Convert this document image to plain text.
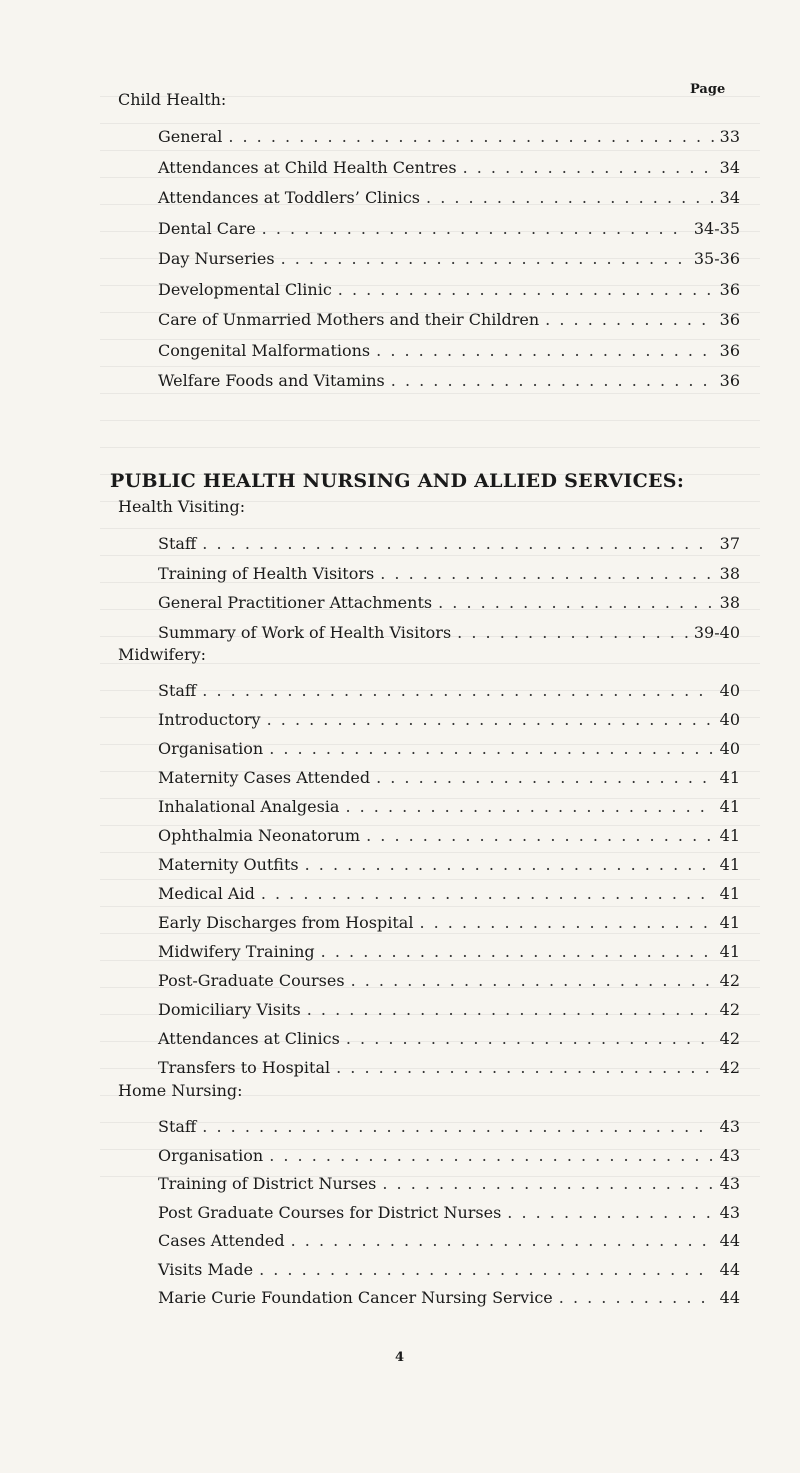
Page
Child Health:
General . . .	33
Attendances at Child Health Centres . . .	34
Attendances at Toddlers’ Clinics . . .	34
Dental Care . . .	34-35
Day Nurseries . . .	35-36
Developmental Clinic . . .	36
Care of Unmarried Mothers and their Children . . .	36
Congenital Malformations . . .	36
Welfare Foods and Vitamins . . .	36
PUBLIC HEALTH NURSING AND ALLIED SERVICES:
Health Visiting:
Staff . . .	37
Training of Health Visitors . . .	38
General Practitioner Attachments . . .	38
Summary of Work of Health Visitors . . .	39-40
Midwifery:
Staff . . .	40
Introductory . . .	40
Organisation . . .	40
Maternity Cases Attended . . .	41
Inhalational Analgesia . . .	41
Ophthalmia Neonatorum . . .	41
Maternity Outfits . . .	41
Medical Aid . . .	41
Early Discharges from Hospital . . .	41
Midwifery Training . . .	41
Post-Graduate Courses . . .	42
Domiciliary Visits . . .	42
Attendances at Clinics . . .	42
Transfers to Hospital . . .	42
Home Nursing:
Staff . . .	43
Organisation . . .	43
Training of District Nurses . . .	43
Post Graduate Courses for District Nurses . . .	43
Cases Attended . . .	44
Visits Made . . .	44
Marie Curie Foundation Cancer Nursing Service . . .	44
4
